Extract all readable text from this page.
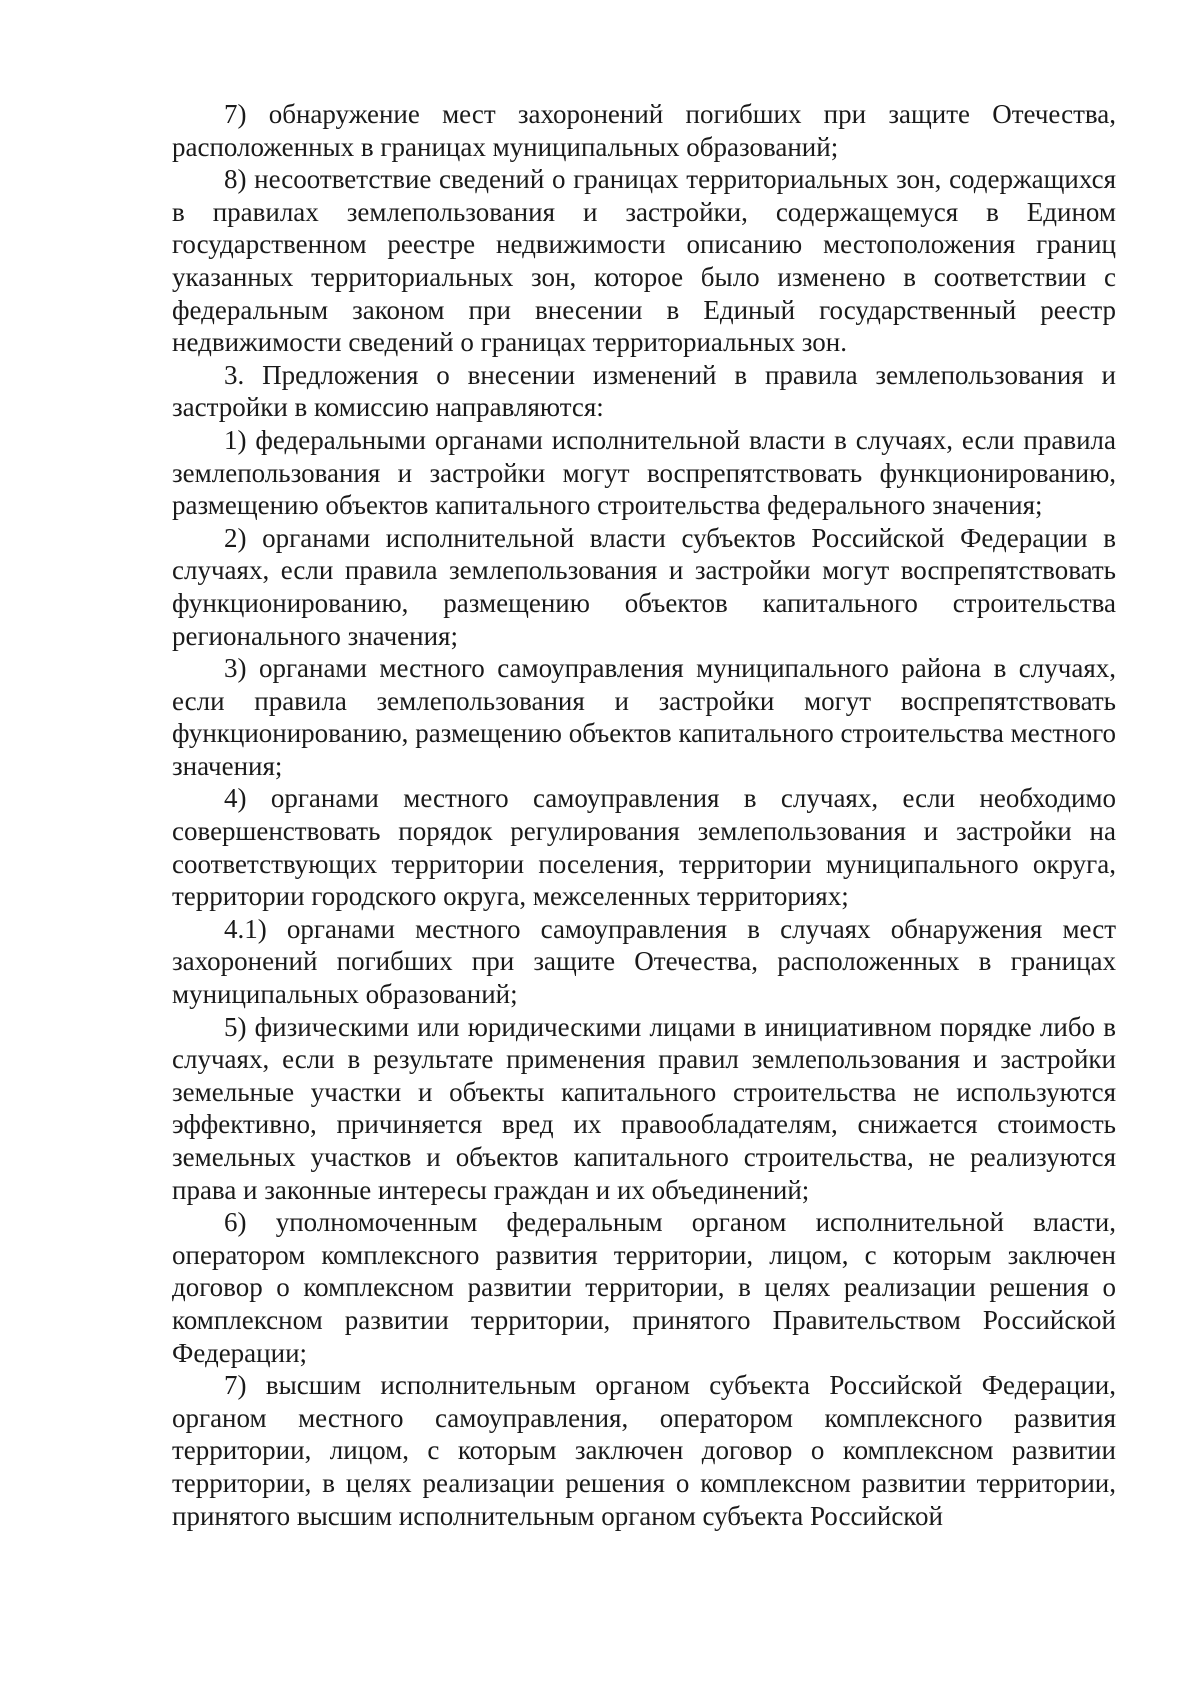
7) обнаружение мест захоронений погибших при защите Отечества, расположенных в границах муниципальных образований;

8) несоответствие сведений о границах территориальных зон, содержащихся в правилах землепользования и застройки, содержащемуся в Едином государственном реестре недвижимости описанию местоположения границ указанных территориальных зон, которое было изменено в соответствии с федеральным законом при внесении в Единый государственный реестр недвижимости сведений о границах территориальных зон.

3. Предложения о внесении изменений в правила землепользования и застройки в комиссию направляются:

1) федеральными органами исполнительной власти в случаях, если правила землепользования и застройки могут воспрепятствовать функционированию, размещению объектов капитального строительства федерального значения;

2) органами исполнительной власти субъектов Российской Федерации в случаях, если правила землепользования и застройки могут воспрепятствовать функционированию, размещению объектов капитального строительства регионального значения;

3) органами местного самоуправления муниципального района в случаях, если правила землепользования и застройки могут воспрепятствовать функционированию, размещению объектов капитального строительства местного значения;

4) органами местного самоуправления в случаях, если необходимо совершенствовать порядок регулирования землепользования и застройки на соответствующих территории поселения, территории муниципального округа, территории городского округа, межселенных территориях;

4.1) органами местного самоуправления в случаях обнаружения мест захоронений погибших при защите Отечества, расположенных в границах муниципальных образований;

5) физическими или юридическими лицами в инициативном порядке либо в случаях, если в результате применения правил землепользования и застройки земельные участки и объекты капитального строительства не используются эффективно, причиняется вред их правообладателям, снижается стоимость земельных участков и объектов капитального строительства, не реализуются права и законные интересы граждан и их объединений;

6) уполномоченным федеральным органом исполнительной власти, оператором комплексного развития территории, лицом, с которым заключен договор о комплексном развитии территории, в целях реализации решения о комплексном развитии территории, принятого Правительством Российской Федерации;

7) высшим исполнительным органом субъекта Российской Федерации, органом местного самоуправления, оператором комплексного развития территории, лицом, с которым заключен договор о комплексном развитии территории, в целях реализации решения о комплексном развитии территории, принятого высшим исполнительным органом субъекта Российской
